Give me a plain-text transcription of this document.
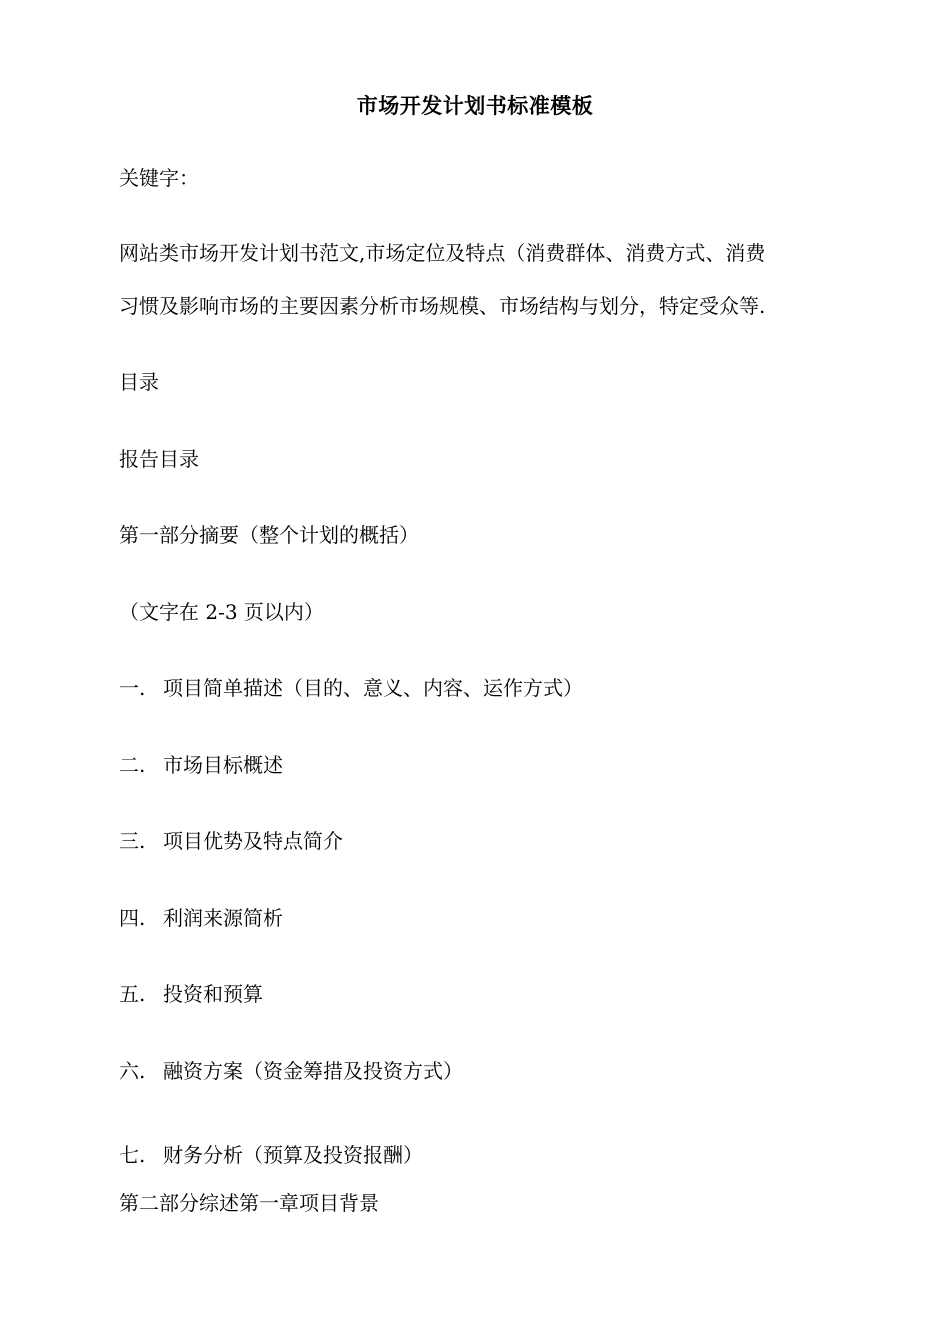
市场开发计划书标准模板
关键字：
网站类市场开发计划书范文,市场定位及特点（消费群体、消费方式、消费
习惯及影响市场的主要因素分析市场规模、市场结构与划分，特定受众等.
目录
报告目录
第一部分摘要（整个计划的概括）
（文字在 2-3 页以内）
一. 项目简单描述（目的、意义、内容、运作方式）
二. 市场目标概述
三. 项目优势及特点简介
四. 利润来源简析
五. 投资和预算
六. 融资方案（资金筹措及投资方式）
七. 财务分析（预算及投资报酬）
第二部分综述第一章项目背景
